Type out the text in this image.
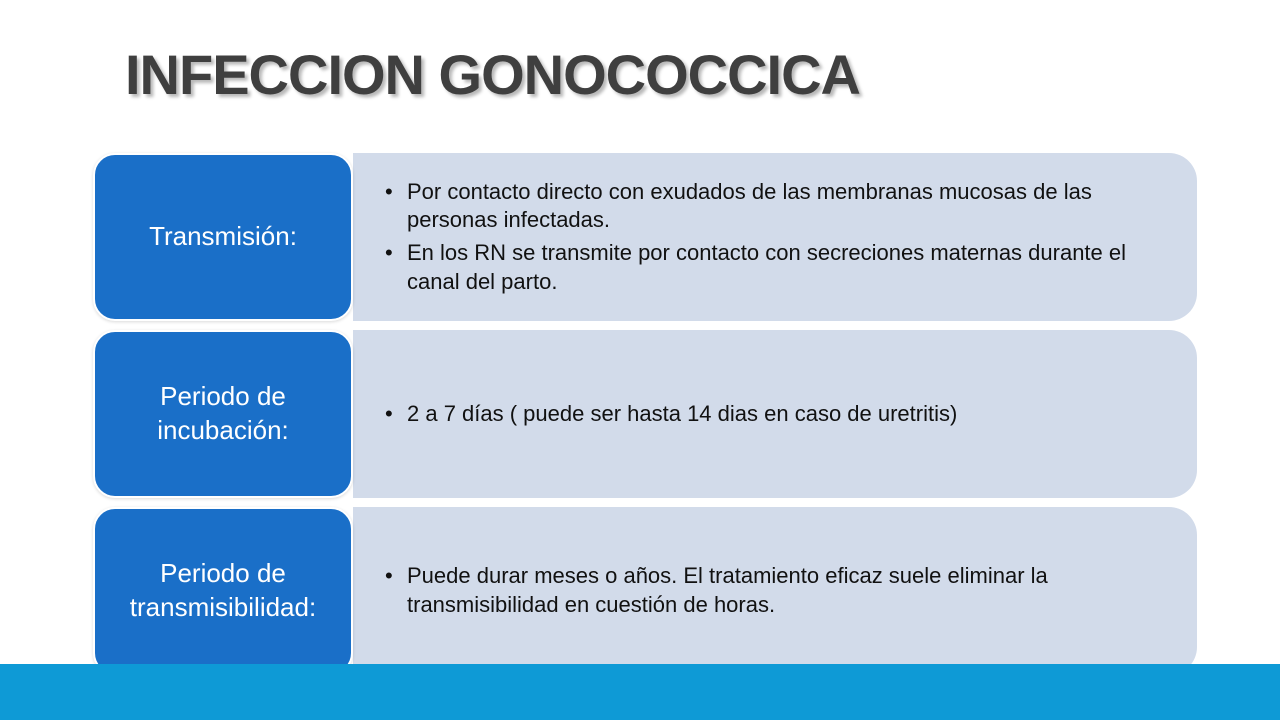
INFECCION GONOCOCCICA
• Por contacto directo con exudados de las membranas mucosas de las personas infectadas.
• En los RN se transmite por contacto con secreciones maternas durante el canal del parto.
Transmisión:
• 2 a 7 días ( puede ser hasta 14 dias en caso de uretritis)
Periodo de incubación:
• Puede durar meses o años. El tratamiento eficaz suele eliminar la transmisibilidad en cuestión de horas.
Periodo de transmisibilidad:
